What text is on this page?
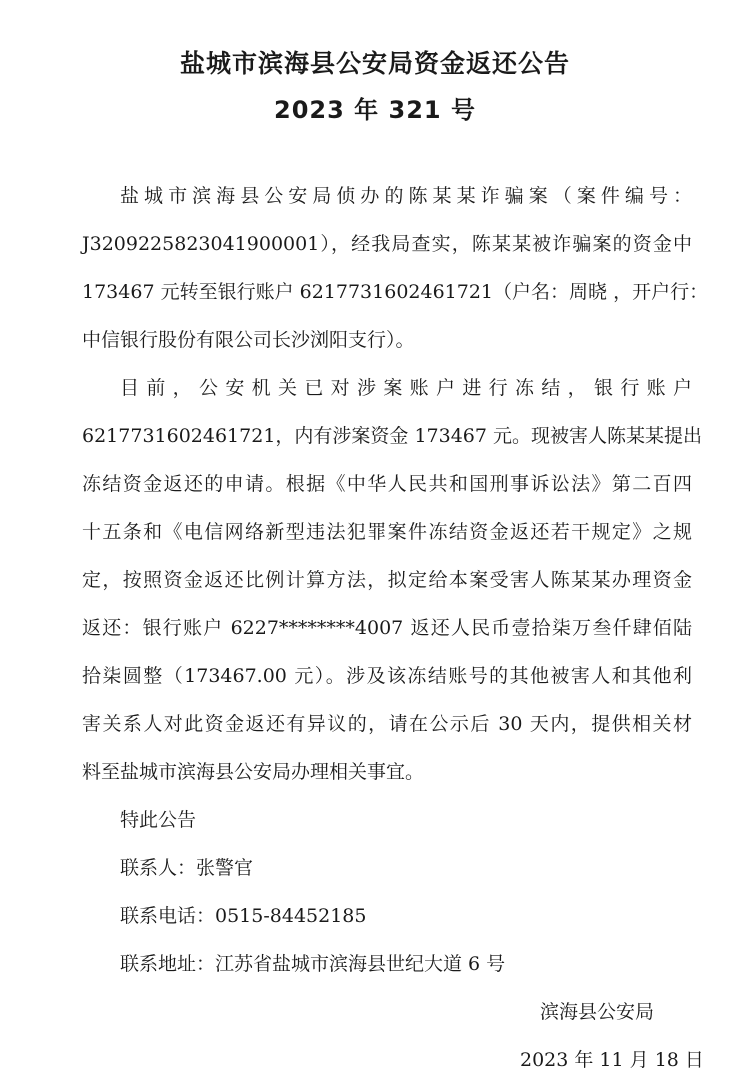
盐城市滨海县公安局资金返还公告
2023 年 321 号
盐城市滨海县公安局侦办的陈某某诈骗案（案件编号：
J3209225823041900001），经我局查实，陈某某被诈骗案的资金中
173467 元转至银行账户 6217731602461721（户名：周晓 ，开户行：
中信银行股份有限公司长沙浏阳支行）。
目前，公安机关已对涉案账户进行冻结，银行账户
6217731602461721，内有涉案资金 173467 元。现被害人陈某某提出
冻结资金返还的申请。根据《中华人民共和国刑事诉讼法》第二百四
十五条和《电信网络新型违法犯罪案件冻结资金返还若干规定》之规
定，按照资金返还比例计算方法，拟定给本案受害人陈某某办理资金
返还：银行账户 6227********4007 返还人民币壹拾柒万叁仟肆佰陆
拾柒圆整（173467.00 元）。涉及该冻结账号的其他被害人和其他利
害关系人对此资金返还有异议的，请在公示后 30 天内，提供相关材
料至盐城市滨海县公安局办理相关事宜。
特此公告
联系人：张警官
联系电话：0515-84452185
联系地址：江苏省盐城市滨海县世纪大道 6 号
滨海县公安局
2023 年 11 月 18 日
